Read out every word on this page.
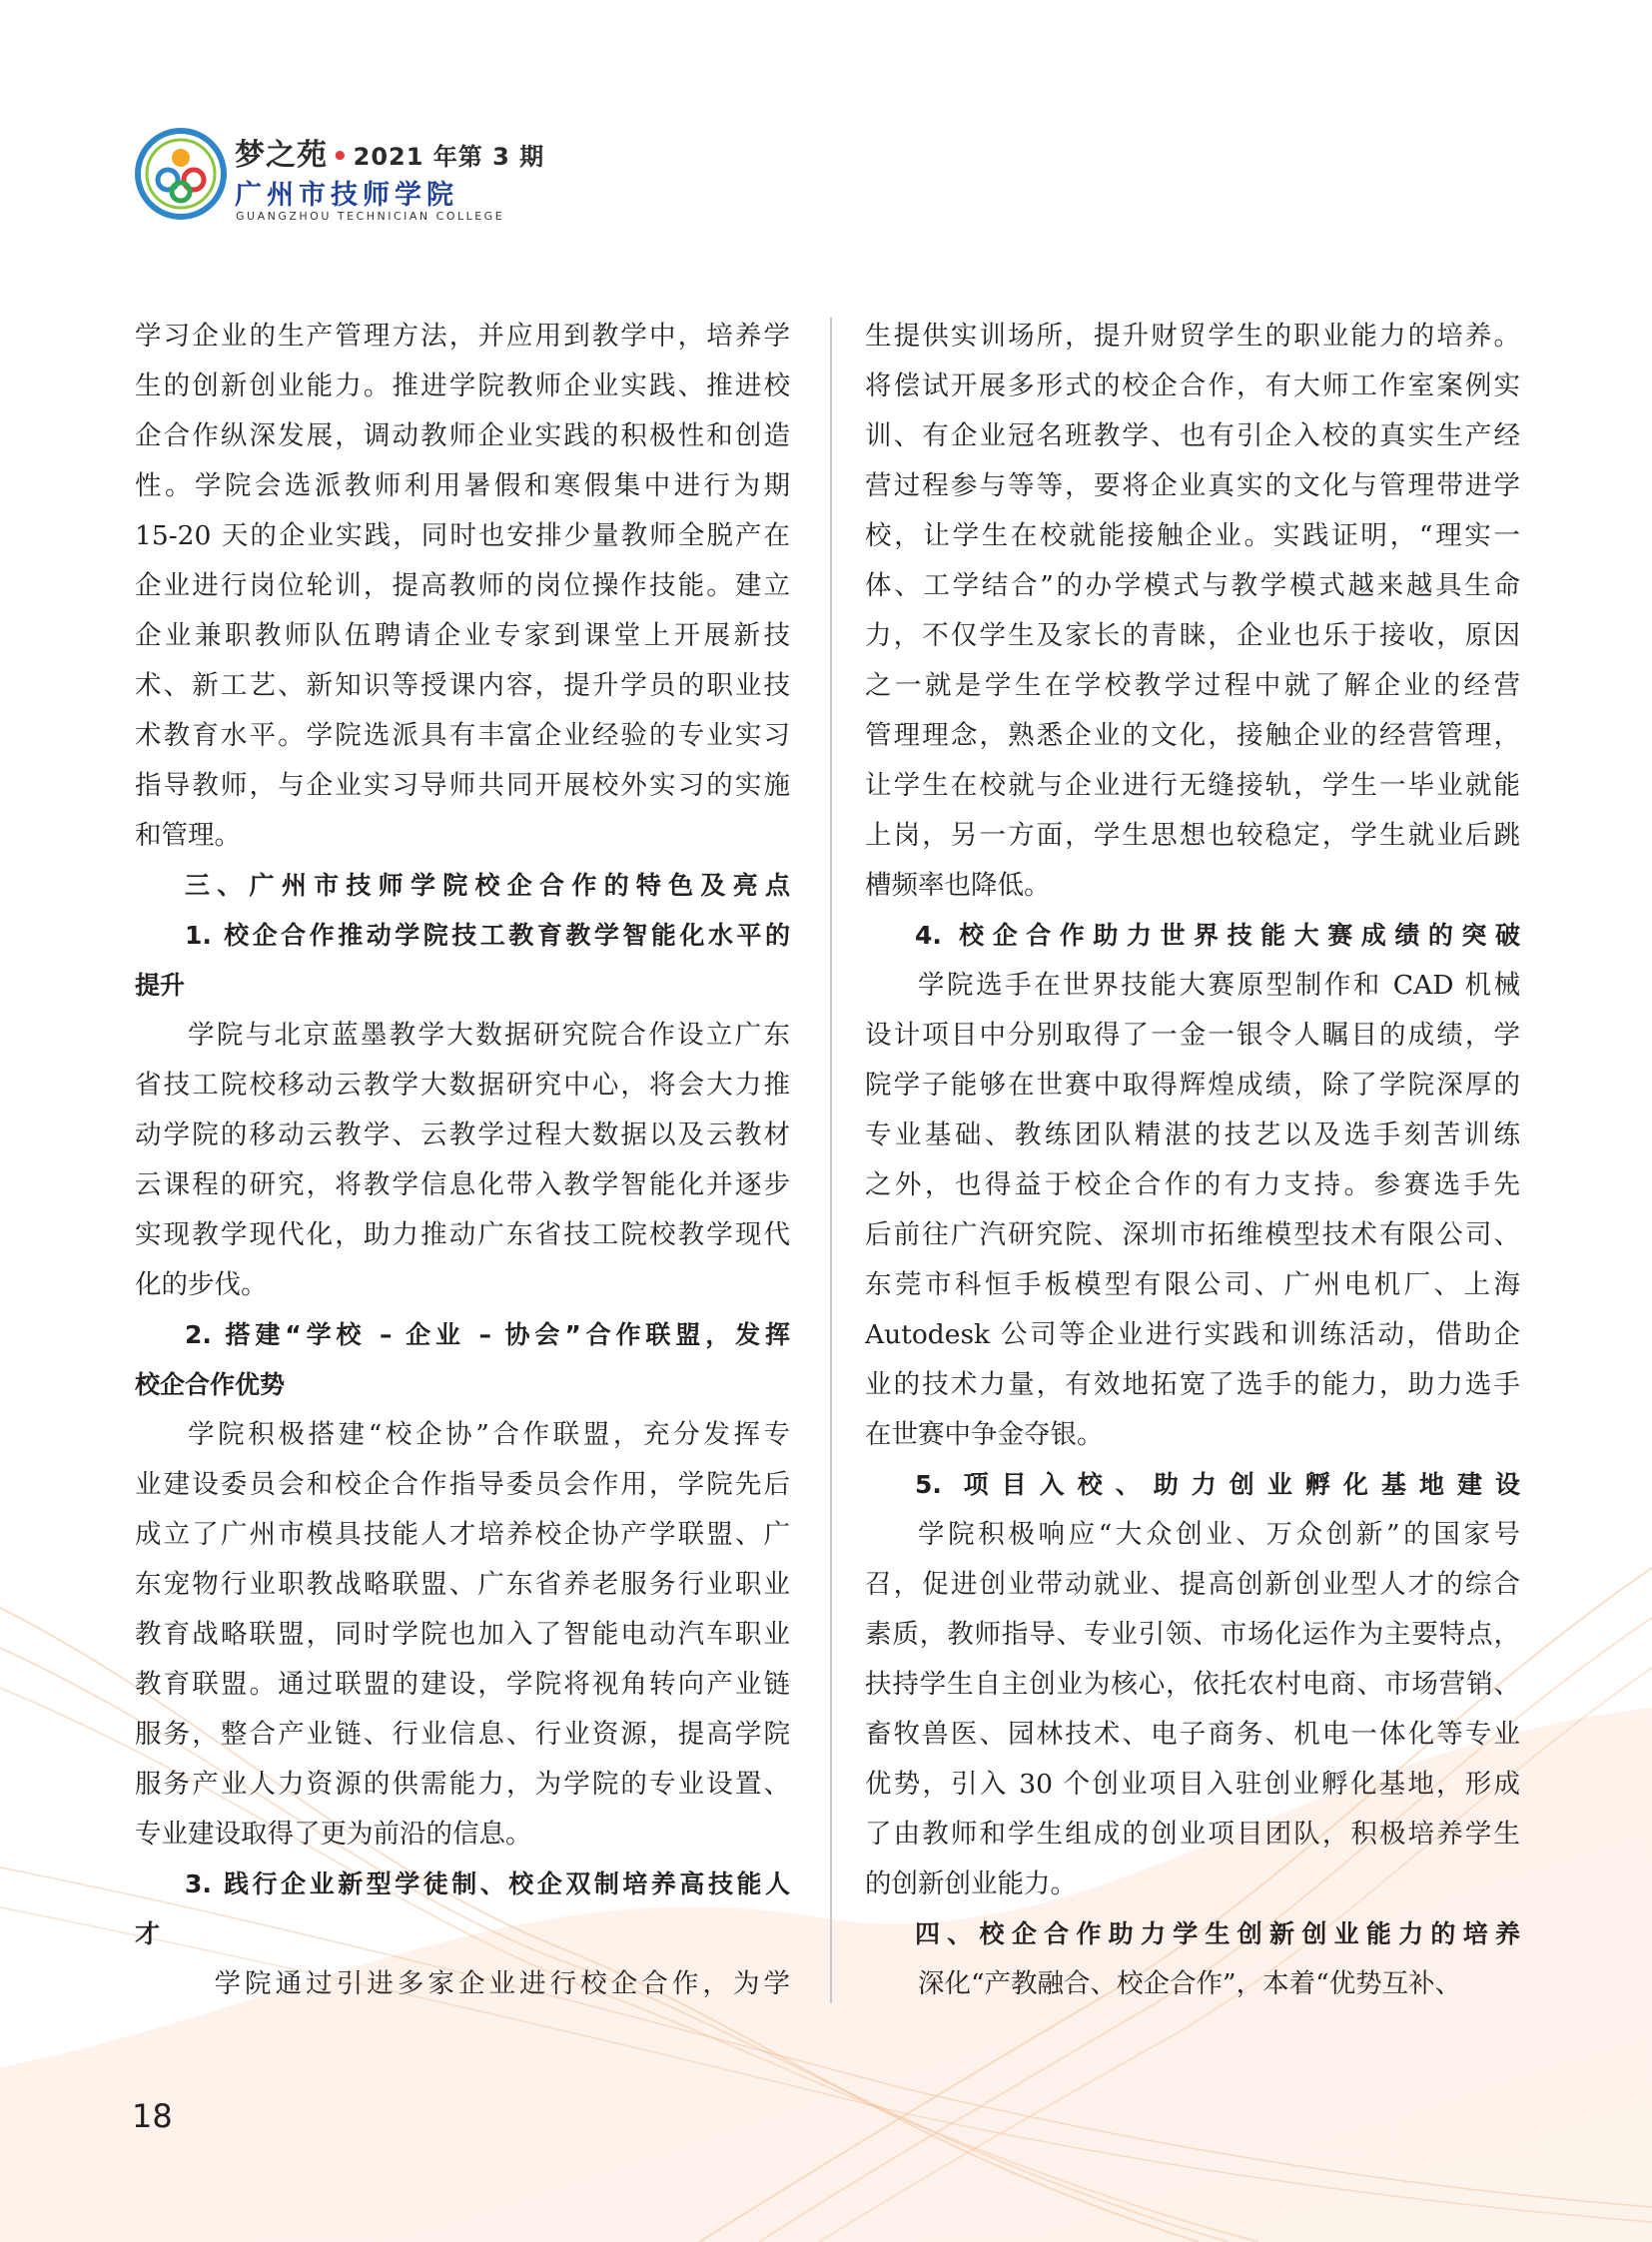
梦之苑 • 2021 年第 3 期
广州市技师学院
GUANGZHOU TECHNICIAN COLLEGE
学习企业的生产管理方法，并应用到教学中，培养学
生的创新创业能力。推进学院教师企业实践、推进校
企合作纵深发展，调动教师企业实践的积极性和创造
性。学院会选派教师利用暑假和寒假集中进行为期
15-20 天的企业实践，同时也安排少量教师全脱产在
企业进行岗位轮训，提高教师的岗位操作技能。建立
企业兼职教师队伍聘请企业专家到课堂上开展新技
术、新工艺、新知识等授课内容，提升学员的职业技
术教育水平。学院选派具有丰富企业经验的专业实习
指导教师，与企业实习导师共同开展校外实习的实施
和管理。
三、广州市技师学院校企合作的特色及亮点
1. 校企合作推动学院技工教育教学智能化水平的
提升
学院与北京蓝墨教学大数据研究院合作设立广东
省技工院校移动云教学大数据研究中心，将会大力推
动学院的移动云教学、云教学过程大数据以及云教材
云课程的研究，将教学信息化带入教学智能化并逐步
实现教学现代化，助力推动广东省技工院校教学现代
化的步伐。
2. 搭建“学校 – 企业 – 协会”合作联盟，发挥
校企合作优势
学院积极搭建“校企协”合作联盟，充分发挥专
业建设委员会和校企合作指导委员会作用，学院先后
成立了广州市模具技能人才培养校企协产学联盟、广
东宠物行业职教战略联盟、广东省养老服务行业职业
教育战略联盟，同时学院也加入了智能电动汽车职业
教育联盟。通过联盟的建设，学院将视角转向产业链
服务，整合产业链、行业信息、行业资源，提高学院
服务产业人力资源的供需能力，为学院的专业设置、
专业建设取得了更为前沿的信息。
3. 践行企业新型学徒制、校企双制培养高技能人
才
学院通过引进多家企业进行校企合作，为学
生提供实训场所，提升财贸学生的职业能力的培养。
将偿试开展多形式的校企合作，有大师工作室案例实
训、有企业冠名班教学、也有引企入校的真实生产经
营过程参与等等，要将企业真实的文化与管理带进学
校，让学生在校就能接触企业。实践证明，“理实一
体、工学结合”的办学模式与教学模式越来越具生命
力，不仅学生及家长的青睐，企业也乐于接收，原因
之一就是学生在学校教学过程中就了解企业的经营
管理理念，熟悉企业的文化，接触企业的经营管理，
让学生在校就与企业进行无缝接轨，学生一毕业就能
上岗，另一方面，学生思想也较稳定，学生就业后跳
槽频率也降低。
4. 校企合作助力世界技能大赛成绩的突破
学院选手在世界技能大赛原型制作和 CAD 机械
设计项目中分别取得了一金一银令人瞩目的成绩，学
院学子能够在世赛中取得辉煌成绩，除了学院深厚的
专业基础、教练团队精湛的技艺以及选手刻苦训练
之外，也得益于校企合作的有力支持。参赛选手先
后前往广汽研究院、深圳市拓维模型技术有限公司、
东莞市科恒手板模型有限公司、广州电机厂、上海
Autodesk 公司等企业进行实践和训练活动，借助企
业的技术力量，有效地拓宽了选手的能力，助力选手
在世赛中争金夺银。
5. 项目入校、助力创业孵化基地建设
学院积极响应“大众创业、万众创新”的国家号
召，促进创业带动就业、提高创新创业型人才的综合
素质，教师指导、专业引领、市场化运作为主要特点，
扶持学生自主创业为核心，依托农村电商、市场营销、
畜牧兽医、园林技术、电子商务、机电一体化等专业
优势，引入 30 个创业项目入驻创业孵化基地，形成
了由教师和学生组成的创业项目团队，积极培养学生
的创新创业能力。
四、校企合作助力学生创新创业能力的培养
深化“产教融合、校企合作”，本着“优势互补、
18
